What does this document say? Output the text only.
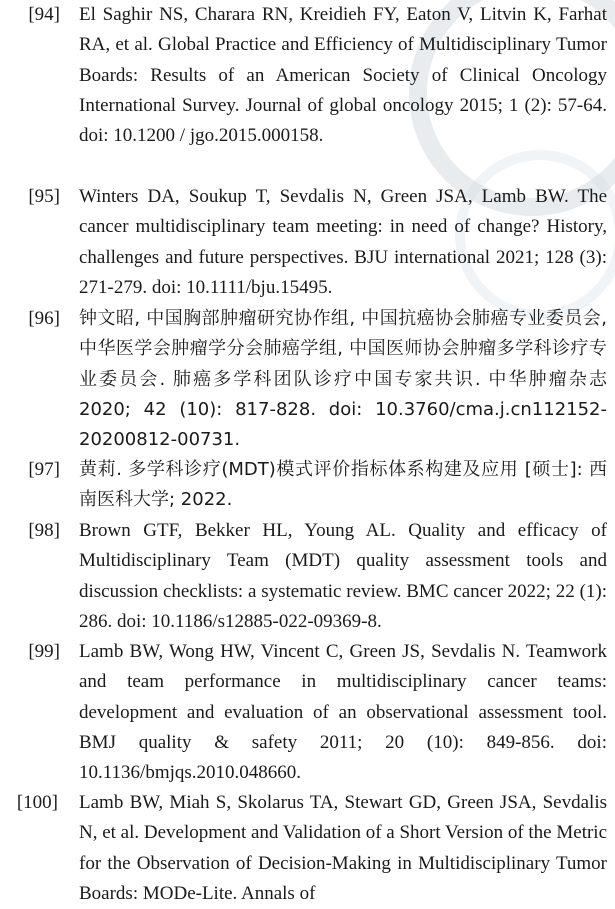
[94] El Saghir NS, Charara RN, Kreidieh FY, Eaton V, Litvin K, Farhat RA, et al. Global Practice and Efficiency of Multidisciplinary Tumor Boards: Results of an American Society of Clinical Oncology International Survey. Journal of global oncology 2015; 1 (2): 57-64. doi: 10.1200 / jgo.2015.000158.
[95] Winters DA, Soukup T, Sevdalis N, Green JSA, Lamb BW. The cancer multidisciplinary team meeting: in need of change? History, challenges and future perspectives. BJU international 2021; 128 (3): 271-279. doi: 10.1111/bju.15495.
[96] 钟文昭, 中国胸部肿瘤研究协作组, 中国抗癌协会肺癌专业委员会, 中华医学会肿瘤学分会肺癌学组, 中国医师协会肿瘤多学科诊疗专业委员会. 肺癌多学科团队诊疗中国专家共识. 中华肿瘤杂志 2020; 42 (10): 817-828. doi: 10.3760/cma.j.cn112152-20200812-00731.
[97] 黄莉. 多学科诊疗(MDT)模式评价指标体系构建及应用 [硕士]: 西南医科大学; 2022.
[98] Brown GTF, Bekker HL, Young AL. Quality and efficacy of Multidisciplinary Team (MDT) quality assessment tools and discussion checklists: a systematic review. BMC cancer 2022; 22 (1): 286. doi: 10.1186/s12885-022-09369-8.
[99] Lamb BW, Wong HW, Vincent C, Green JS, Sevdalis N. Teamwork and team performance in multidisciplinary cancer teams: development and evaluation of an observational assessment tool. BMJ quality & safety 2011; 20 (10): 849-856. doi: 10.1136/bmjqs.2010.048660.
[100] Lamb BW, Miah S, Skolarus TA, Stewart GD, Green JSA, Sevdalis N, et al. Development and Validation of a Short Version of the Metric for the Observation of Decision-Making in Multidisciplinary Tumor Boards: MODe-Lite. Annals of
